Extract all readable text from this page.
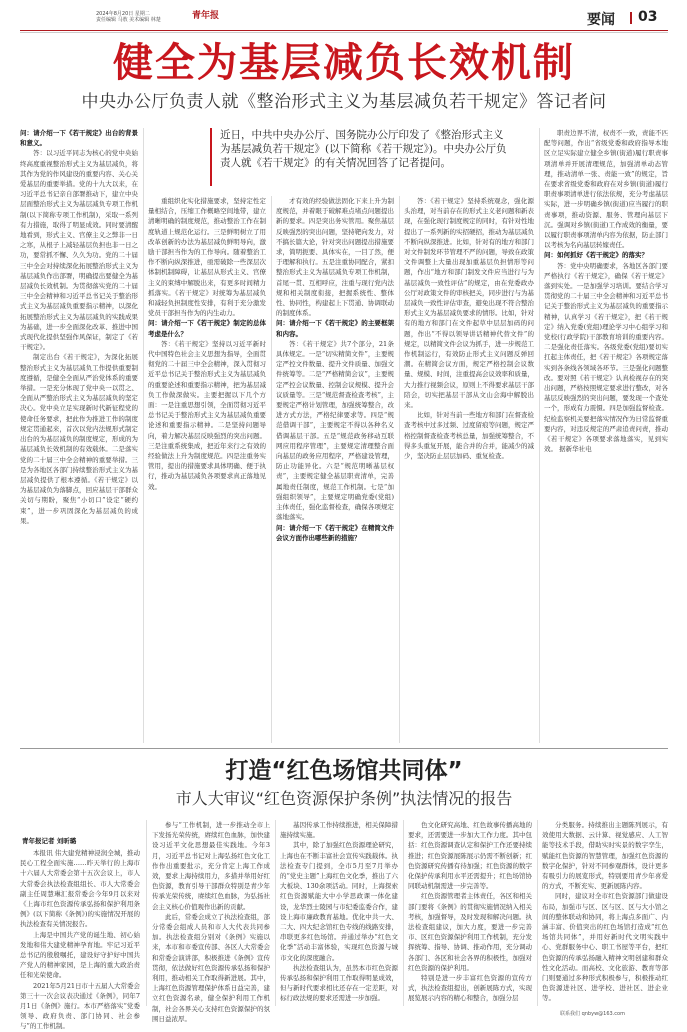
2024年8月20日 星期二
责任编辑 马敖 美术编辑 林楚	青年报	要闻 03
健全为基层减负长效机制
中央办公厅负责人就《整治形式主义为基层减负若干规定》答记者问
近日，中共中央办公厅、国务院办公厅印发了《整治形式主义为基层减负若干规定》(以下简称《若干规定》)。中央办公厅负责人就《若干规定》的有关情况回答了记者提问。

问：请介绍一下《若干规定》出台的背景和意义。

答：以习近平同志为核心的党中央始终高度重视整治形式主义为基层减负，将其作为党的作风建设的重要内容、关心关爱基层的重要举措。党的十九大以来，在习近平总书记亲自部署推动下，建立中央层面整治形式主义为基层减负专项工作机制(以下简称专项工作机制)，采取一系列有力措施，取得了明显成效。同时要清醒地看到，形式主义、官僚主义之弊非一日之寒，从根子上减轻基层负担也非一日之功，要常抓不懈、久久为功。党的二十届三中全会对持续深化拓展整治形式主义为基层减负作出部署，明确提出要健全为基层减负长效机制。为贯彻落实党的二十届三中全会精神和习近平总书记关于整治形式主义为基层减负重要指示精神，以深化拓展整治形式主义为基层减负的实践成果为基础，进一步全面深化改革、推进中国式现代化提供坚强作风保证，制定了《若干规定》。

制定出台《若干规定》，为深化拓展整治形式主义为基层减负工作提供重要制度遵循，是健全全面从严治党体系的重要举措。一是充分体现了党中央一以贯之、全面从严整治形式主义为基层减负的坚定决心。党中央立足实现新时代新征程党的使命任务要求，把此作为推进工作的制度规定贯通起来，首次以党内法规形式制定出台的为基层减负的制度规定，形成的为基层减负长效机制的有效载体。二是落实党的二十届三中全会精神的重要举措。三是为各地区各部门持续整治形式主义为基层减负提供了根本遵循。《若干规定》以为基层减负为落脚点，回应基层干部群众关切与期盼，聚焦“小切口”设定“硬约束”，进一步巩固深化为基层减负的成果。

重组织化实化措施要求，坚持定性定量相结合，压缩工作概略空间地带，建立清晰明确的制度规范，推动整治工作在制度轨道上规范化运行。三是鲜明树立了用改革创新的办法为基层减负鲜明导向，激励干部担当作为的工作导向。随着整治工作不断向纵深推进，亟需破除一些深层次体制机制障碍，让基层从形式主义、官僚主义的束缚中解脱出来，有更多时间精力抓落实。《若干规定》对统筹为基层减负和减轻负担制度性安排，有利于充分激发党员干部担当作为的内生动力。

问：请介绍一下《若干规定》制定的总体考虑是什么？

答：《若干规定》坚持以习近平新时代中国特色社会主义思想为指导，全面贯彻党的二十届三中全会精神，深入贯彻习近平总书记关于整治形式主义为基层减负的重要论述和重要指示精神，把为基层减负工作做深做实。主要把握以下几个方面：一是注重思想引领，全面贯彻习近平总书记关于整治形式主义为基层减负重要论述和重要指示精神。二是坚持问题导向，着力解决基层反映强烈的突出问题。三是注重系统集成，把近年来行之有效的经验做法上升为制度规范。四是注重务实管用，提出的措施要求具体明确、便于执行，推动为基层减负各项要求真正落地见效。

才有效的经验做法固化下来上升为制度规范，并着眼于破解难点堵点问题提出新的要求。四是突出务实管用。聚焦基层反映强烈的突出问题，坚持靶向发力，对不搞长篇大论，针对突出问题提出措施要求，简明扼要、具体实在，一目了然，便于理解和执行。五是注重协同配合，紧扣整治形式主义为基层减负专项工作机制，首尾一贯、互相呼应，注重与现行党内法规和相关制度衔接，把握系统性、整体性、协同性，构建起上下贯通、协调联动的制度体系。

问：请介绍一下《若干规定》的主要框架和内容。

答：《若干规定》共7个部分，21条具体规定。一是“切实精简文件”，主要规定严控文件数量、提升文件质量、加强文件统筹等。二是“严格精简会议”，主要规定严控会议数量、控制会议规模、提升会议质量等。三是“规范督查检查考核”，主要规定严格计划管理，加强统筹整合，改进方式方法，严格纪律要求等。四是“规范借调干部”，主要规定不得以各种名义借调基层干部。五是“规范政务移动互联网应用程序管理”，主要规定清理整合面向基层的政务应用程序，严格建设管理，防止功能异化。六是“规范明晰基层权责”，主要规定健全基层职责清单，完善属地责任制度，规范工作机制。七是“加强组织领导”，主要规定明确党委(党组)主体责任，强化监督检查，确保各项规定落地落实。

问：请介绍一下《若干规定》在精简文件会议方面作出哪些新的措施？

答：《若干规定》坚持系统观念，强化源头治理，对当前存在的形式主义老问题和新表现，在强化现行制度规定的同时，有针对性地提出了一系列新的实招硬招，推动为基层减负不断向纵深推进。比如，针对有的地方和部门对文件制发环节管理不严的问题，导致在政策文件调整上大量出现加重基层负担情形等问题，作出“地方和部门制发文件应当进行与为基层减负一致性评估”的规定，由在党委政办公厅对政策文件的审核把关，同步进行与为基层减负一致性评估审查，避免出现不符合整治形式主义为基层减负要求的情形。比如，针对有的地方和部门在文件起草中层层加码的问题，作出“不得以领导讲话精神代替文件”的规定，以精简文件会议为抓手，进一步规范工作机制运行，有效防止形式主义问题反弹回潮。在精简会议方面，规定严格控制会议数量、规模、时间，注重提高会议效率和质量，大力推行视频会议，原则上不得要求基层干部陪会，切实把基层干部从文山会海中解脱出来。

比如，针对当前一些地方和部门在督查检查考核中过多过频、过度留痕等问题，规定严格控制督查检查考核总量，加强统筹整合，不得多头重复开展，能合并的合并，能减少的减少，坚决防止层层加码、重复检查。

职责边界不清，权责不一致，责能不匹配等问题，作出“省级党委和政府指导本地区立足实际建立健全乡镇(街道)履行职责事项清单并开展清理规范，加强清单动态管理，推动清单一张、责能一致”的规定，旨在要求省级党委和政府在对乡镇(街道)履行职责事项清单进行依法依规，充分考虑基层实际，进一步明确乡镇(街道)应当履行的职责事项，推动资源、服务、管理向基层下沉。强调对乡镇(街道)工作成效的衡量，要以履行职责事项清单内容为依据，防止部门以考核为名向基层转嫁责任。

问：如何抓好《若干规定》的落实？

答：党中央明确要求，各地区各部门要严格执行《若干规定》，确保《若干规定》落到实处。一是加强学习培训。要结合学习贯彻党的二十届三中全会精神和习近平总书记关于整治形式主义为基层减负的重要指示精神，认真学习《若干规定》，把《若干规定》纳入党委(党组)理论学习中心组学习和党校(行政学院)干部教育培训的重要内容。二是强化责任落实。各级党委(党组)要切实扛起主体责任，把《若干规定》各项规定落实到各条线各领域各环节。三是强化问题整改。要对照《若干规定》认真检视存在的突出问题，严格按照规定要求进行整改，对各基层反映强烈的突出问题，要发现一个查处一个，形成有力震慑。四是加强监督检查。纪检监察机关要把落实情况作为日常监督重要内容，对违反规定的严肃追责问责，推动《若干规定》各项要求落地落实，见到实效。 据新华社电

打造“红色场馆共同体”
市人大审议“红色资源保护条例”执法情况的报告
青年报记者 刘昕璐

本报讯 伟大建党精神浸润全城，推动民心工程全面实施……昨天举行的上海市十六届人大常委会第十五次会议上，市人大常委会执法检查组组长、市人大常委会副主任周慧琳汇报常委会今年9月以来对《上海市红色资源传承弘扬和保护利用条例》(以下简称《条例》)的实施情况开展的执法检查有关情况报告。

上海是中国共产党的诞生地、初心始发地和伟大建党精神孕育地。牢记习近平总书记的殷殷嘱托，建设好守护好中国共产党人的精神家园，是上海的重大政治责任和光荣使命。

2021年5月21日市十五届人大常委会第三十一次会议表决通过《条例》，同年7月1日《条例》施行。本市严格落实“党委领导、政府负责、部门协同、社会参与”的工作机制。

参与“工作机制，进一步推动全市上下发扬光荣传统，赓续红色血脉，加快建设习近平文化思想最佳实践地。今年3月，习近平总书记对上海弘扬红色文化工作作出重要批示，充分肯定上海工作成效，要求上海持续用力，多措并举用好红色资源，教育引导干部群众特别是青少年传承光荣传统，赓续红色血脉，为弘扬社会主义核心价值观作出新的贡献。

此后，常委会成立了执法检查组，部分常委会组成人员和市人大代表共同参加。执法检查组分别对《条例》实施以来，本市和市委宣传部、各区人大常委会和常委会演讲部，积极推进《条例》宣传贯彻，依法做好红色资源传承弘扬和保护利用，推动相关工作取得新进展。其中，上海红色资源管理保护体系日益完善，建立红色资源名录，健全保护利用工作机制，社会各界关心支持红色资源保护的氛围日益浓厚。

基因传承工作持续推进，相关保障措施持续实施。

其中，除了加强红色资源理论研究，上海也在不断丰富社会宣传实践载体。执法检查专门提到，全市5月至7月举办的“党史主题”上海红色文化季，推出了六大板块、130余项活动。同时，上海探索红色资源赋能大中小学思政课一体化建设，龙华烈士陵园与市纪委监委合作，建设上海市廉政教育基地。优化中共一大、二大、四大纪念馆红色专线的线路安排，串联更多红色场馆。并通过举办“红色文化季”活动丰富体验，实现红色资源与城市文化的深度融合。

执法检查组认为，虽然本市红色资源传承弘扬和保护利用工作取得明显成效，但与新时代要求相比还存在一定差距，对标行政法规的要求还需进一步加强。

色文化研究高地、红色故事传播高地的要求，还需要进一步加大工作力度。其中包括：红色资源调查认定和保护工作还要持续推进；红色资源展陈展示仍需不断创新；红色资源研究传播有待加强；红色资源的数字化保护传承利用水平还需提升；红色场馆协同联动机制需进一步完善等。

红色资源管理者主体责任，各区和相关部门要将《条例》的贯彻实施情况纳入相关考核，加强督导，及时发现和解决问题。执法检查组建议，加大力度，要进一步完善市、区红色资源保护利用工作机制，充分发挥统筹、指导、协调、推动作用，充分调动各部门、各区和社会各界的积极性，加强对红色资源的保护利用。

特别是进一步丰富红色资源的宣传方式，执法检查组提出，创新展陈方式，实现展览展示内容的精心和整合，加强分层

分类服务。持续推出主题陈列展示，有效使用大数据、云计算、视觉感应、人工智能等技术手段，借助实时实景的数字孪生，赋能红色资源的智慧管理，加强红色资源的数字化保护，针对不同参观群体，设计更多有吸引力的展览形式，特别要用青少年喜爱的方式，不断充实、更新展陈内容。

同时，建议对全市红色资源部门做建设布局，加强市与区、区与区、区与大小馆之间的整体联动和协同，将上海点多面广、内涵丰富、价值突出的红色场馆打造成“红色场馆共同体”，并用好新时代文明实践中心、党群服务中心、职工书屋等平台，把红色资源的传承弘扬融入精神文明创建和群众性文化活动。而高校、文化旅游、教育等部门则要通过多种形式积极参与，积极推动红色资源进社区、进学校、进社区、进企业等。

联系我们 qnbyw@163.com
